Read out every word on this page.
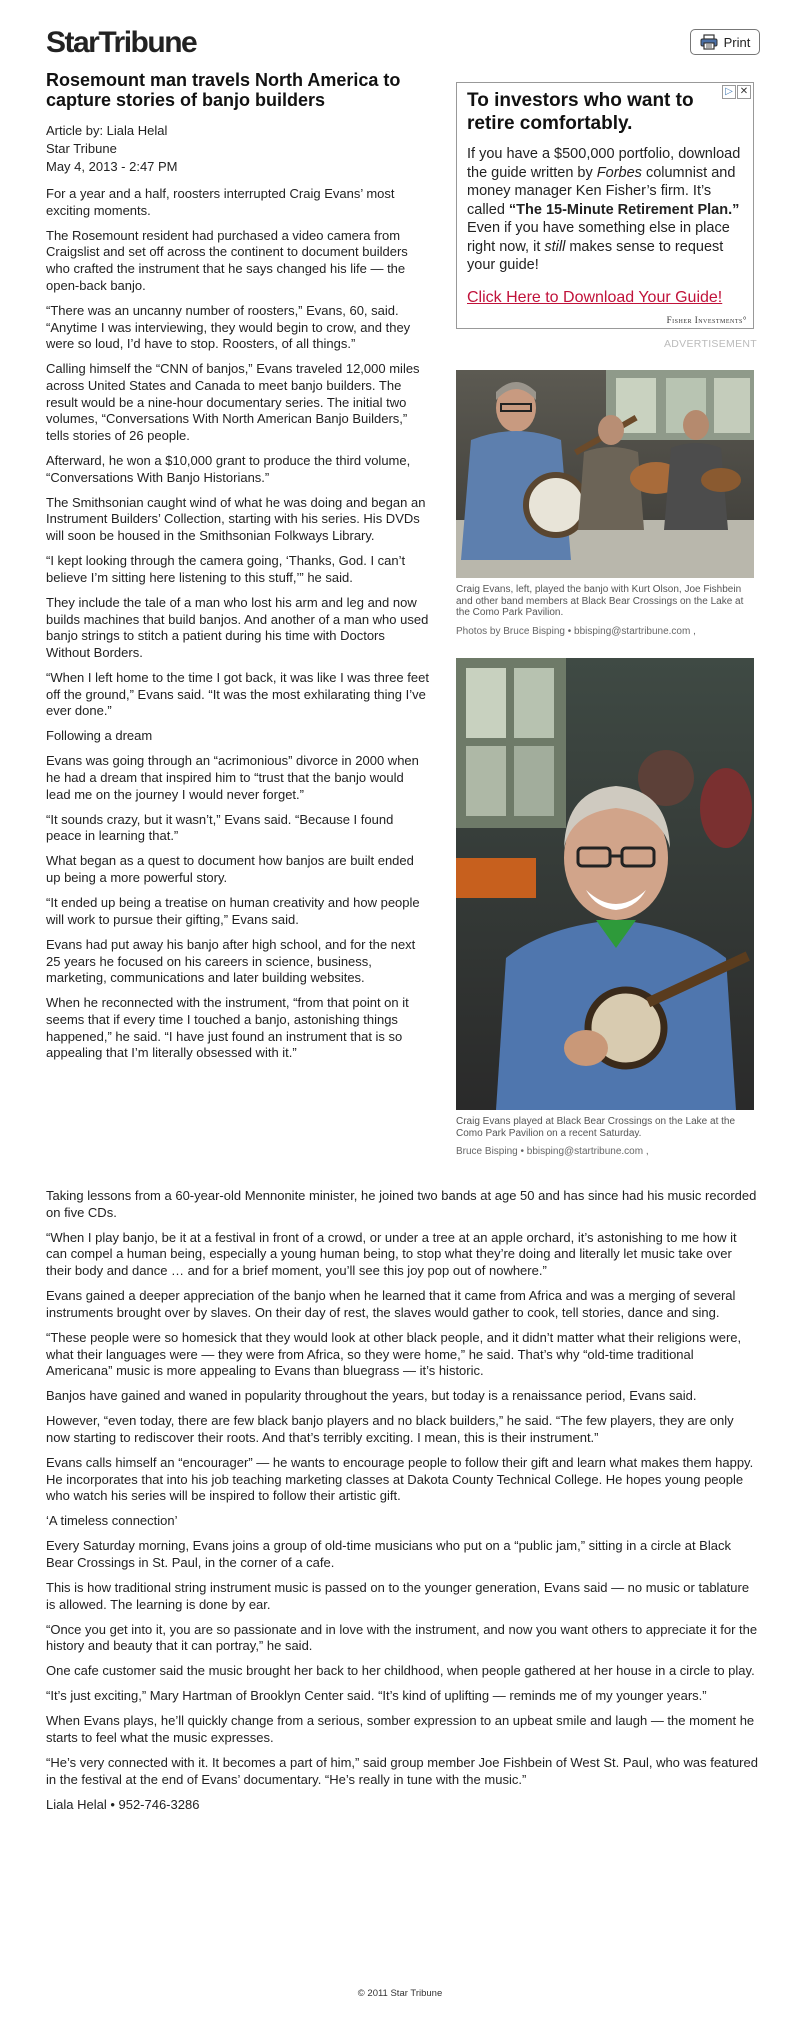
StarTribune	Print
Rosemount man travels North America to capture stories of banjo builders
Article by: Liala Helal
Star Tribune
May 4, 2013 - 2:47 PM

For a year and a half, roosters interrupted Craig Evans’ most exciting moments.

The Rosemount resident had purchased a video camera from Craigslist and set off across the continent to document builders who crafted the instrument that he says changed his life — the open-back banjo.

“There was an uncanny number of roosters,” Evans, 60, said. “Anytime I was interviewing, they would begin to crow, and they were so loud, I’d have to stop. Roosters, of all things.”

Calling himself the “CNN of banjos,” Evans traveled 12,000 miles across United States and Canada to meet banjo builders. The result would be a nine-hour documentary series. The initial two volumes, “Conversations With North American Banjo Builders,” tells stories of 26 people.

Afterward, he won a $10,000 grant to produce the third volume, “Conversations With Banjo Historians.”

The Smithsonian caught wind of what he was doing and began an Instrument Builders’ Collection, starting with his series. His DVDs will soon be housed in the Smithsonian Folkways Library.

“I kept looking through the camera going, ‘Thanks, God. I can’t believe I’m sitting here listening to this stuff,’” he said.

They include the tale of a man who lost his arm and leg and now builds machines that build banjos. And another of a man who used banjo strings to stitch a patient during his time with Doctors Without Borders.

“When I left home to the time I got back, it was like I was three feet off the ground,” Evans said. “It was the most exhilarating thing I’ve ever done.”

Following a dream

Evans was going through an “acrimonious” divorce in 2000 when he had a dream that inspired him to “trust that the banjo would lead me on the journey I would never forget.”

“It sounds crazy, but it wasn’t,” Evans said. “Because I found peace in learning that.”

What began as a quest to document how banjos are built ended up being a more powerful story.

“It ended up being a treatise on human creativity and how people will work to pursue their gifting,” Evans said.

Evans had put away his banjo after high school, and for the next 25 years he focused on his careers in science, business, marketing, communications and later building websites.

When he reconnected with the instrument, “from that point on it seems that if every time I touched a banjo, astonishing things happened,” he said. “I have just found an instrument that is so appealing that I’m literally obsessed with it.”

Taking lessons from a 60-year-old Mennonite minister, he joined two bands at age 50 and has since had his music recorded on five CDs.

“When I play banjo, be it at a festival in front of a crowd, or under a tree at an apple orchard, it’s astonishing to me how it can compel a human being, especially a young human being, to stop what they’re doing and literally let music take over their body and dance … and for a brief moment, you’ll see this joy pop out of nowhere.”

Evans gained a deeper appreciation of the banjo when he learned that it came from Africa and was a merging of several instruments brought over by slaves. On their day of rest, the slaves would gather to cook, tell stories, dance and sing.

“These people were so homesick that they would look at other black people, and it didn’t matter what their religions were, what their languages were — they were from Africa, so they were home,” he said. That’s why “old-time traditional Americana” music is more appealing to Evans than bluegrass — it’s historic.

Banjos have gained and waned in popularity throughout the years, but today is a renaissance period, Evans said.

However, “even today, there are few black banjo players and no black builders,” he said. “The few players, they are only now starting to rediscover their roots. And that’s terribly exciting. I mean, this is their instrument.”

Evans calls himself an “encourager” — he wants to encourage people to follow their gift and learn what makes them happy. He incorporates that into his job teaching marketing classes at Dakota County Technical College. He hopes young people who watch his series will be inspired to follow their artistic gift.

‘A timeless connection’

Every Saturday morning, Evans joins a group of old-time musicians who put on a “public jam,” sitting in a circle at Black Bear Crossings in St. Paul, in the corner of a cafe.

This is how traditional string instrument music is passed on to the younger generation, Evans said — no music or tablature is allowed. The learning is done by ear.

“Once you get into it, you are so passionate and in love with the instrument, and now you want others to appreciate it for the history and beauty that it can portray,” he said.

One cafe customer said the music brought her back to her childhood, when people gathered at her house in a circle to play.

“It’s just exciting,” Mary Hartman of Brooklyn Center said. “It’s kind of uplifting — reminds me of my younger years.”

When Evans plays, he’ll quickly change from a serious, somber expression to an upbeat smile and laugh — the moment he starts to feel what the music expresses.

“He’s very connected with it. It becomes a part of him,” said group member Joe Fishbein of West St. Paul, who was featured in the festival at the end of Evans’ documentary. “He’s really in tune with the music.”

Liala Helal • 952-746-3286

▷ ✕

To investors who want to retire comfortably.

If you have a $500,000 portfolio, download the guide written by Forbes columnist and money manager Ken Fisher’s firm. It’s called “The 15-Minute Retirement Plan.” Even if you have something else in place right now, it still makes sense to request your guide!

Click Here to Download Your Guide!
Fisher Investments°
ADVERTISEMENT
Craig Evans, left, played the banjo with Kurt Olson, Joe Fishbein and other band members at Black Bear Crossings on the Lake at the Como Park Pavilion.
Photos by Bruce Bisping • bbisping@startribune.com ,
Craig Evans played at Black Bear Crossings on the Lake at the Como Park Pavilion on a recent Saturday.
Bruce Bisping • bbisping@startribune.com ,
© 2011 Star Tribune
